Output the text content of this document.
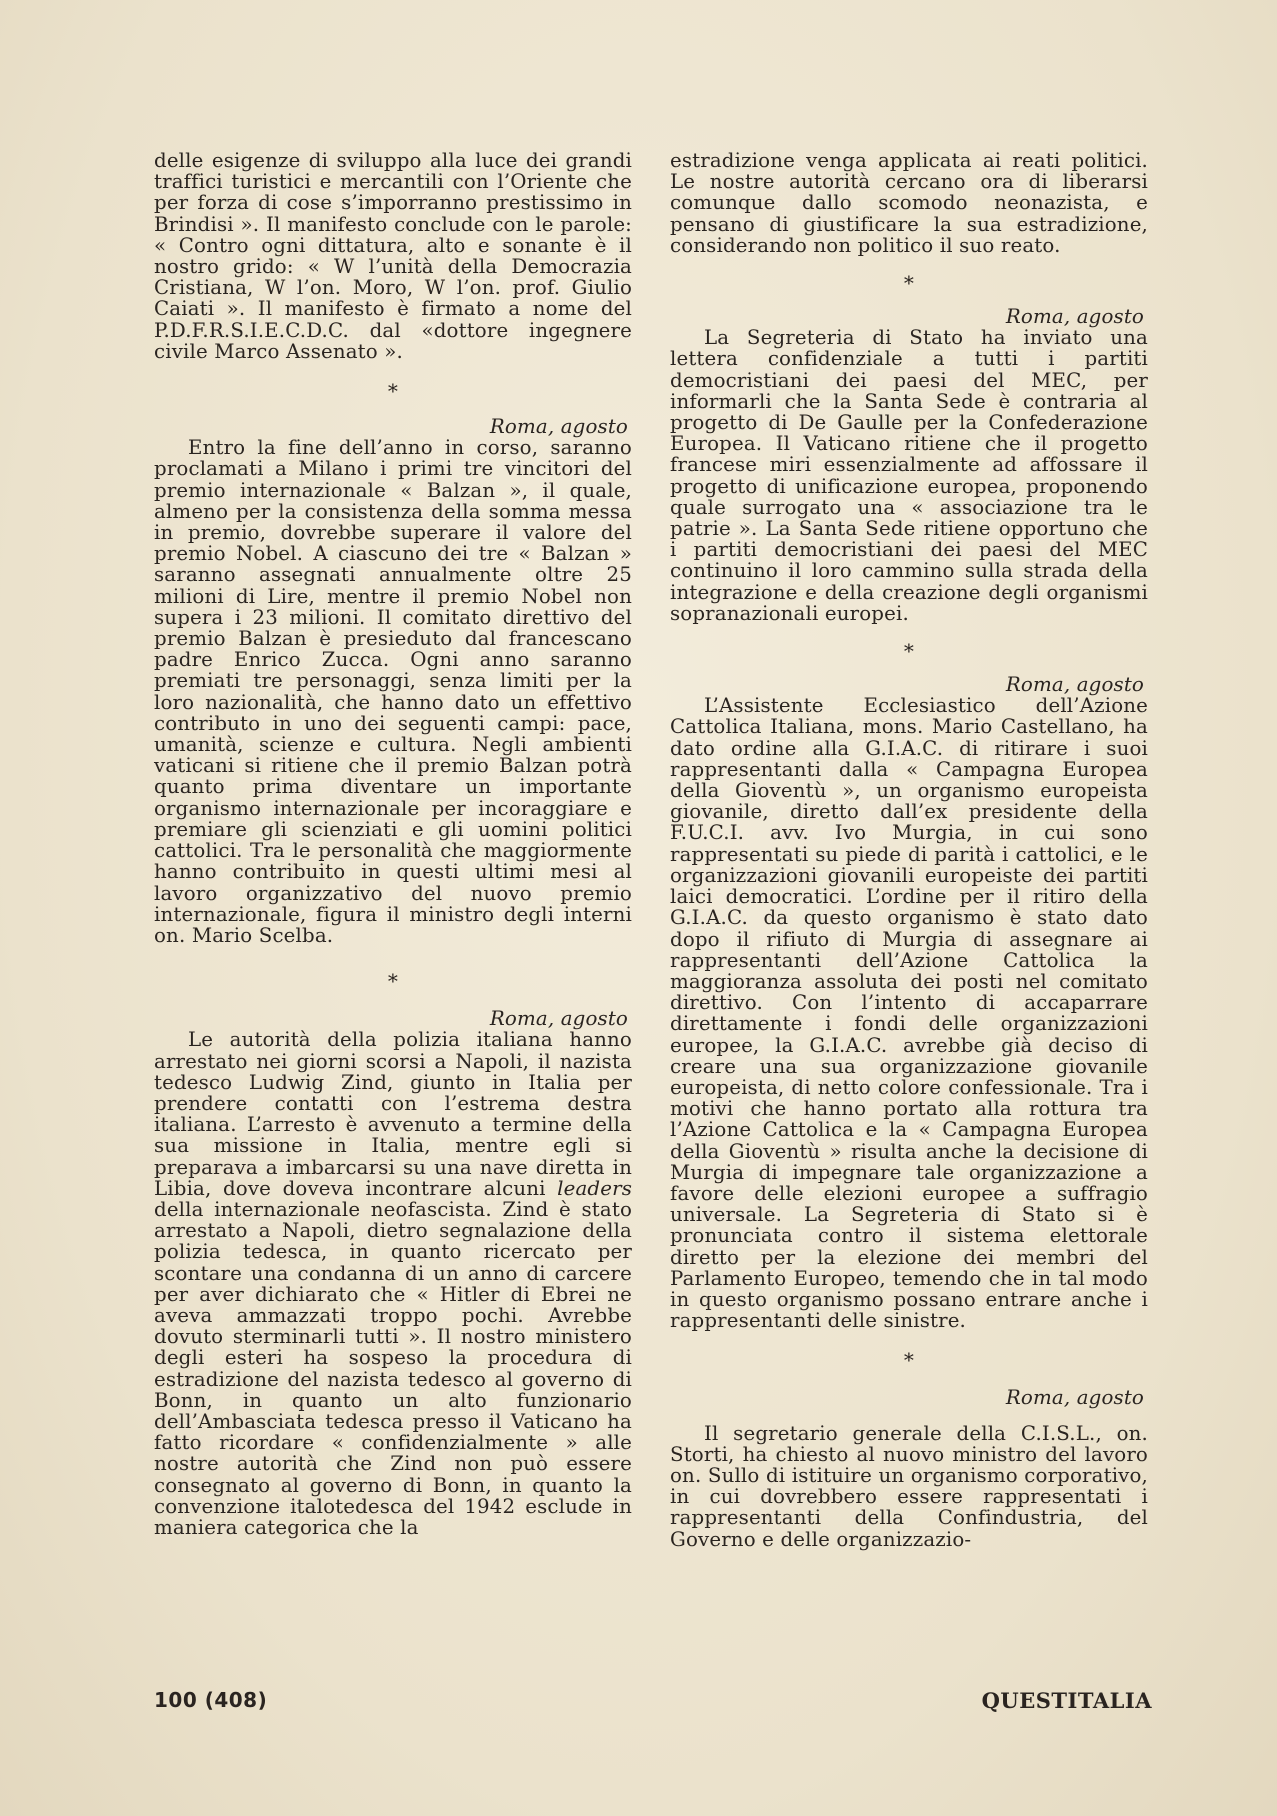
delle esigenze di sviluppo alla luce dei grandi traffici turistici e mercantili con l’Oriente che per forza di cose s’imporranno prestissimo in Brindisi ». Il manifesto conclude con le parole: « Contro ogni dittatura, alto e sonante è il nostro grido: « W l’unità della Democrazia Cristiana, W l’on. Moro, W l’on. prof. Giulio Caiati ». Il manifesto è firmato a nome del P.D.F.R.S.I.E.C.D.C. dal «dottore ingegnere civile Marco Assenato ».

*
Roma, agosto

Entro la fine dell’anno in corso, saranno proclamati a Milano i primi tre vincitori del premio internazionale « Balzan », il quale, almeno per la consistenza della somma messa in premio, dovrebbe superare il valore del premio Nobel. A ciascuno dei tre « Balzan » saranno assegnati annualmente oltre 25 milioni di Lire, mentre il premio Nobel non supera i 23 milioni. Il comitato direttivo del premio Balzan è presieduto dal francescano padre Enrico Zucca. Ogni anno saranno premiati tre personaggi, senza limiti per la loro nazionalità, che hanno dato un effettivo contributo in uno dei seguenti campi: pace, umanità, scienze e cultura. Negli ambienti vaticani si ritiene che il premio Balzan potrà quanto prima diventare un importante organismo internazionale per incoraggiare e premiare gli scienziati e gli uomini politici cattolici. Tra le personalità che maggiormente hanno contribuito in questi ultimi mesi al lavoro organizzativo del nuovo premio internazionale, figura il ministro degli interni on. Mario Scelba.

*
Roma, agosto

Le autorità della polizia italiana hanno arrestato nei giorni scorsi a Napoli, il nazista tedesco Ludwig Zind, giunto in Italia per prendere contatti con l’estrema destra italiana. L’arresto è avvenuto a termine della sua missione in Italia, mentre egli si preparava a imbarcarsi su una nave diretta in Libia, dove doveva incontrare alcuni leaders della internazionale neofascista. Zind è stato arrestato a Napoli, dietro segnalazione della polizia tedesca, in quanto ricercato per scontare una condanna di un anno di carcere per aver dichiarato che « Hitler di Ebrei ne aveva ammazzati troppo pochi. Avrebbe dovuto sterminarli tutti ». Il nostro ministero degli esteri ha sospeso la procedura di estradizione del nazista tedesco al governo di Bonn, in quanto un alto funzionario dell’Ambasciata tedesca presso il Vaticano ha fatto ricordare « confidenzialmente » alle nostre autorità che Zind non può essere consegnato al governo di Bonn, in quanto la convenzione italotedesca del 1942 esclude in maniera categorica che la

estradizione venga applicata ai reati politici. Le nostre autorità cercano ora di liberarsi comunque dallo scomodo neonazista, e pensano di giustificare la sua estradizione, considerando non politico il suo reato.

*
Roma, agosto

La Segreteria di Stato ha inviato una lettera confidenziale a tutti i partiti democristiani dei paesi del MEC, per informarli che la Santa Sede è contraria al progetto di De Gaulle per la Confederazione Europea. Il Vaticano ritiene che il progetto francese miri essenzialmente ad affossare il progetto di unificazione europea, proponendo quale surrogato una « associazione tra le patrie ». La Santa Sede ritiene opportuno che i partiti democristiani dei paesi del MEC continuino il loro cammino sulla strada della integrazione e della creazione degli organismi sopranazionali europei.

*
Roma, agosto

L’Assistente Ecclesiastico dell’Azione Cattolica Italiana, mons. Mario Castellano, ha dato ordine alla G.I.A.C. di ritirare i suoi rappresentanti dalla « Campagna Europea della Gioventù », un organismo europeista giovanile, diretto dall’ex presidente della F.U.C.I. avv. Ivo Murgia, in cui sono rappresentati su piede di parità i cattolici, e le organizzazioni giovanili europeiste dei partiti laici democratici. L’ordine per il ritiro della G.I.A.C. da questo organismo è stato dato dopo il rifiuto di Murgia di assegnare ai rappresentanti dell’Azione Cattolica la maggioranza assoluta dei posti nel comitato direttivo. Con l’intento di accaparrare direttamente i fondi delle organizzazioni europee, la G.I.A.C. avrebbe già deciso di creare una sua organizzazione giovanile europeista, di netto colore confessionale. Tra i motivi che hanno portato alla rottura tra l’Azione Cattolica e la « Campagna Europea della Gioventù » risulta anche la decisione di Murgia di impegnare tale organizzazione a favore delle elezioni europee a suffragio universale. La Segreteria di Stato si è pronunciata contro il sistema elettorale diretto per la elezione dei membri del Parlamento Europeo, temendo che in tal modo in questo organismo possano entrare anche i rappresentanti delle sinistre.

*
Roma, agosto

Il segretario generale della C.I.S.L., on. Storti, ha chiesto al nuovo ministro del lavoro on. Sullo di istituire un organismo corporativo, in cui dovrebbero essere rappresentati i rappresentanti della Confindustria, del Governo e delle organizzazio-

100 (408)	QUESTITALIA
